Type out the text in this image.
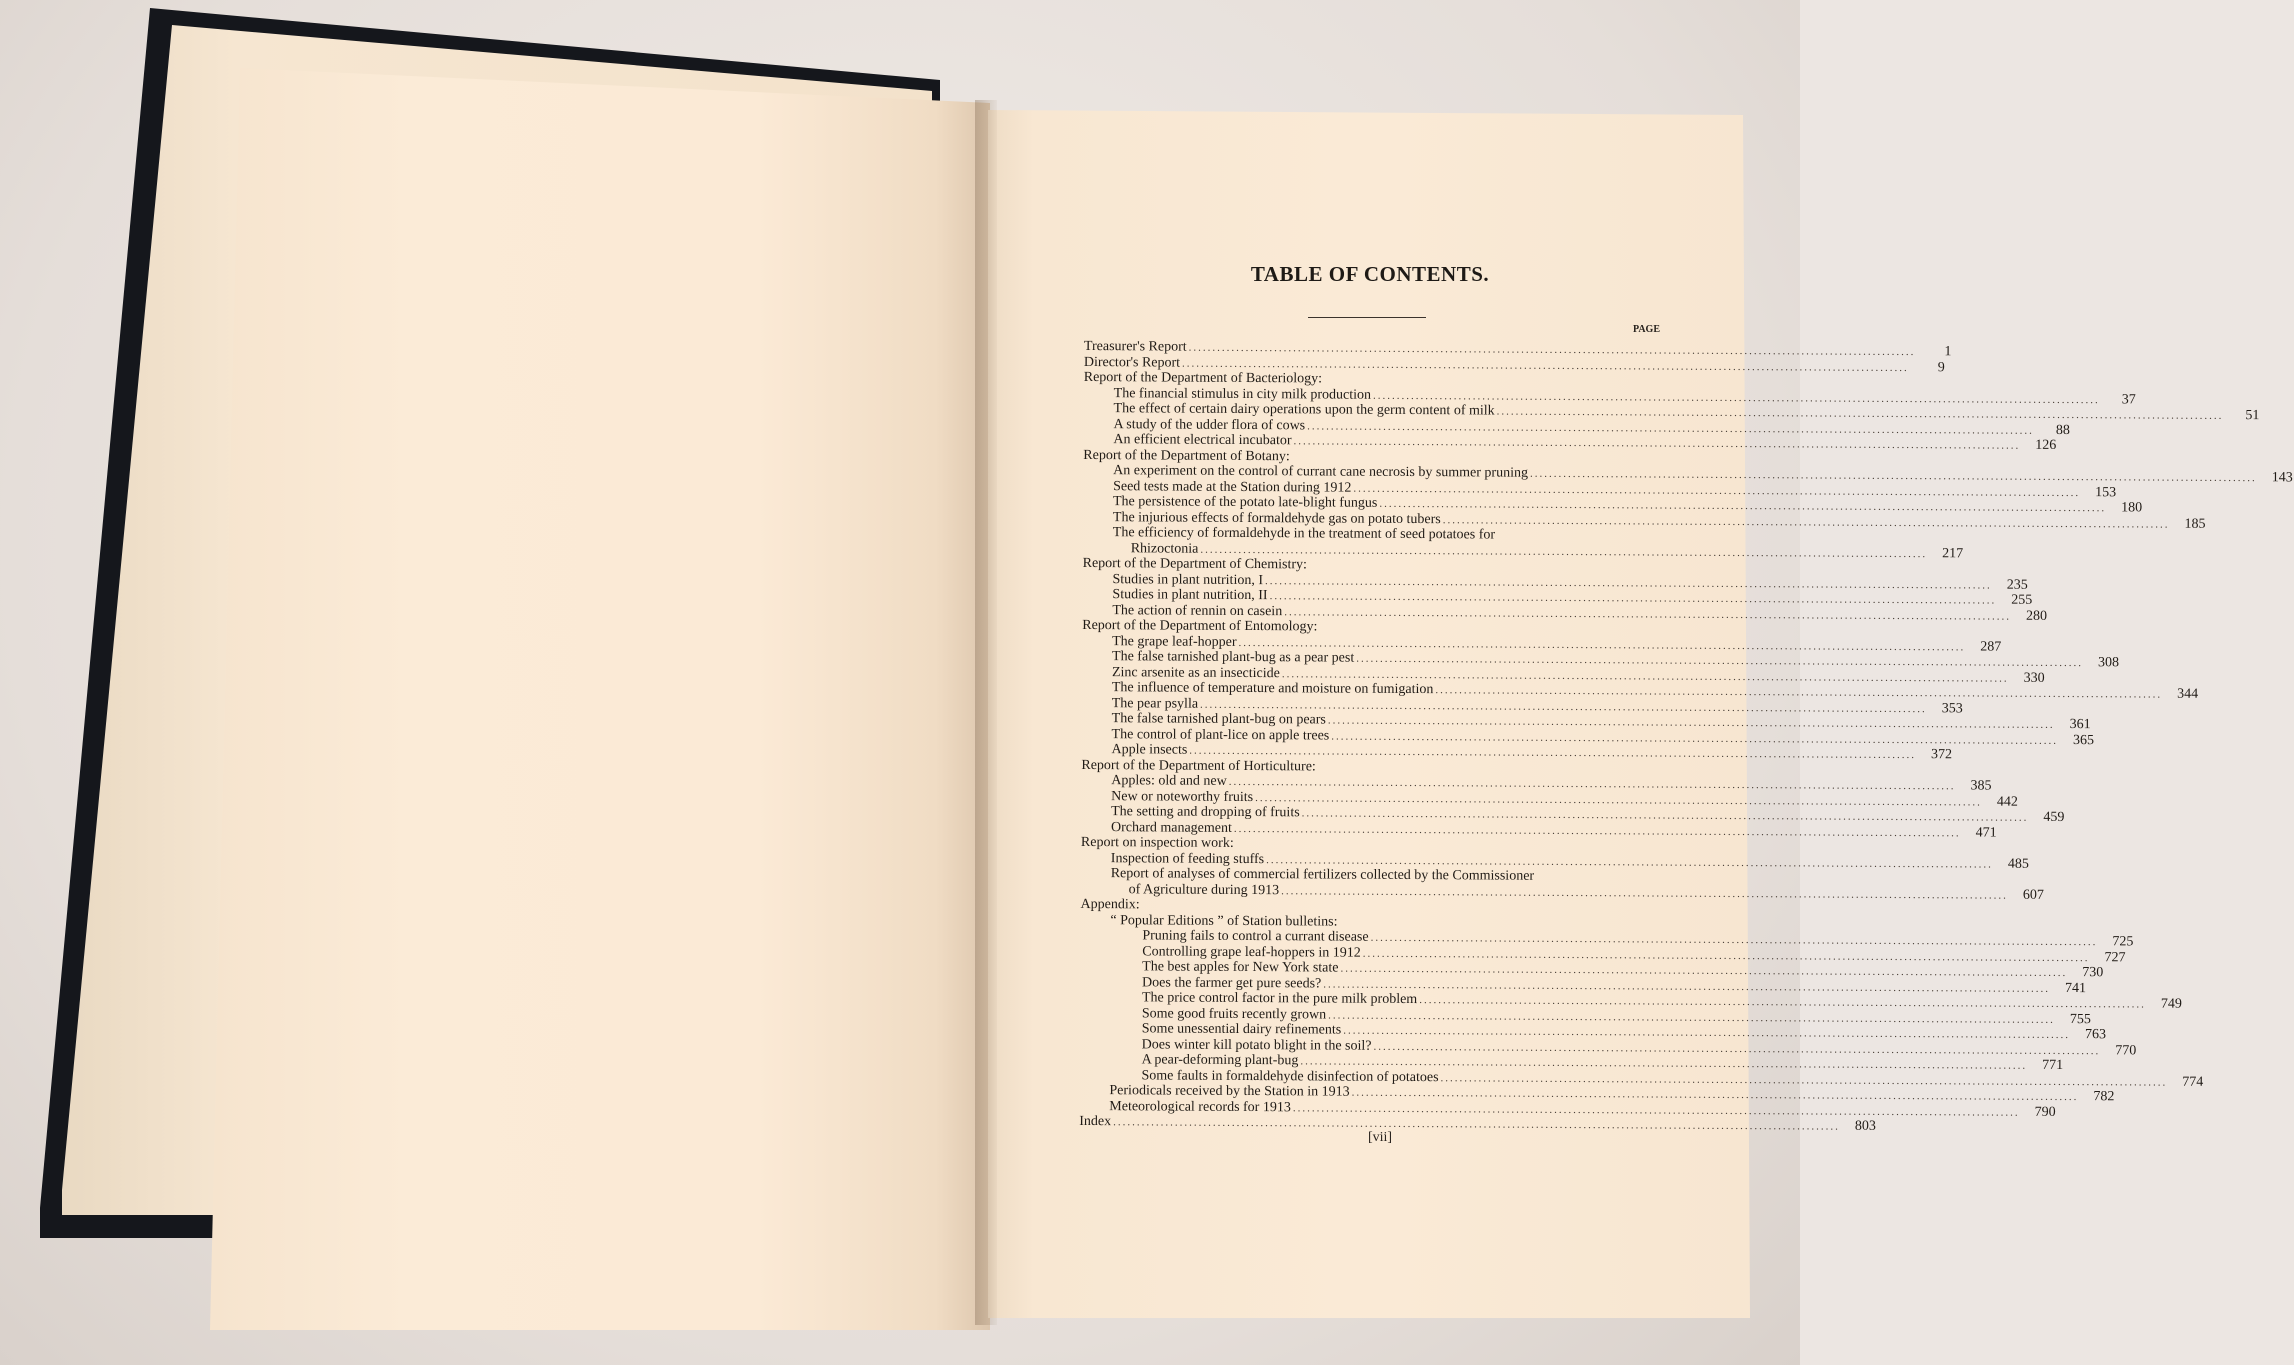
TABLE OF CONTENTS.
PAGE
Treasurer's Report .....	1
Director's Report .....	9
Report of the Department of Bacteriology:
The financial stimulus in city milk production .....	37
The effect of certain dairy operations upon the germ content of milk .....	51
A study of the udder flora of cows .....	88
An efficient electrical incubator .....	126
Report of the Department of Botany:
An experiment on the control of currant cane necrosis by summer pruning .....	143
Seed tests made at the Station during 1912 .....	153
The persistence of the potato late-blight fungus .....	180
The injurious effects of formaldehyde gas on potato tubers .....	185
The efficiency of formaldehyde in the treatment of seed potatoes for
Rhizoctonia .....	217
Report of the Department of Chemistry:
Studies in plant nutrition, I .....	235
Studies in plant nutrition, II .....	255
The action of rennin on casein .....	280
Report of the Department of Entomology:
The grape leaf-hopper .....	287
The false tarnished plant-bug as a pear pest .....	308
Zinc arsenite as an insecticide .....	330
The influence of temperature and moisture on fumigation .....	344
The pear psylla .....	353
The false tarnished plant-bug on pears .....	361
The control of plant-lice on apple trees .....	365
Apple insects .....	372
Report of the Department of Horticulture:
Apples: old and new .....	385
New or noteworthy fruits .....	442
The setting and dropping of fruits .....	459
Orchard management .....	471
Report on inspection work:
Inspection of feeding stuffs .....	485
Report of analyses of commercial fertilizers collected by the Commissioner
of Agriculture during 1913 .....	607
Appendix:
“ Popular Editions ” of Station bulletins:
Pruning fails to control a currant disease .....	725
Controlling grape leaf-hoppers in 1912 .....	727
The best apples for New York state .....	730
Does the farmer get pure seeds? .....	741
The price control factor in the pure milk problem .....	749
Some good fruits recently grown .....	755
Some unessential dairy refinements .....	763
Does winter kill potato blight in the soil? .....	770
A pear-deforming plant-bug .....	771
Some faults in formaldehyde disinfection of potatoes .....	774
Periodicals received by the Station in 1913 .....	782
Meteorological records for 1913 .....	790
Index .....	803
[vii]
